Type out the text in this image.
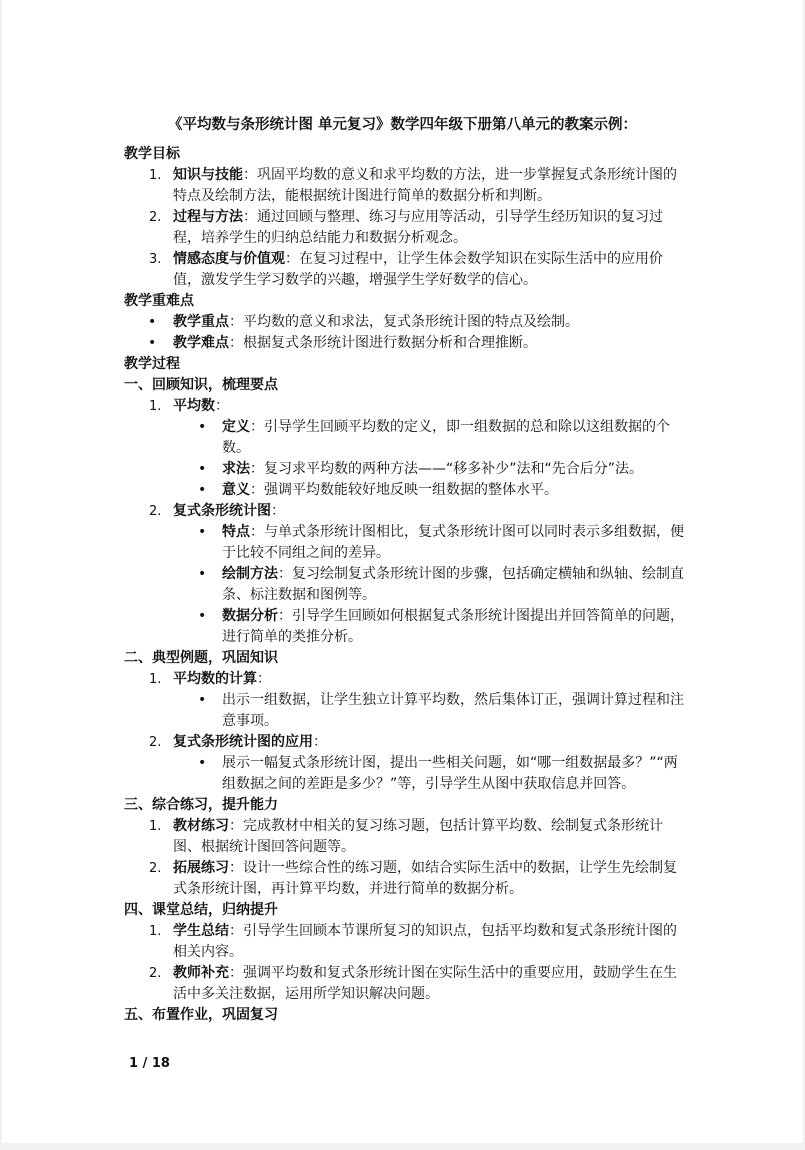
《平均数与条形统计图 单元复习》数学四年级下册第八单元的教案示例：
教学目标
1. 知识与技能：巩固平均数的意义和求平均数的方法，进一步掌握复式条形统计图的特点及绘制方法，能根据统计图进行简单的数据分析和判断。
2. 过程与方法：通过回顾与整理、练习与应用等活动，引导学生经历知识的复习过程，培养学生的归纳总结能力和数据分析观念。
3. 情感态度与价值观：在复习过程中，让学生体会数学知识在实际生活中的应用价值，激发学生学习数学的兴趣，增强学生学好数学的信心。
教学重难点
• 教学重点：平均数的意义和求法，复式条形统计图的特点及绘制。
• 教学难点：根据复式条形统计图进行数据分析和合理推断。
教学过程
一、回顾知识，梳理要点
1. 平均数：
• 定义：引导学生回顾平均数的定义，即一组数据的总和除以这组数据的个数。
• 求法：复习求平均数的两种方法——“移多补少”法和“先合后分”法。
• 意义：强调平均数能较好地反映一组数据的整体水平。
2. 复式条形统计图：
• 特点：与单式条形统计图相比，复式条形统计图可以同时表示多组数据，便于比较不同组之间的差异。
• 绘制方法：复习绘制复式条形统计图的步骤，包括确定横轴和纵轴、绘制直条、标注数据和图例等。
• 数据分析：引导学生回顾如何根据复式条形统计图提出并回答简单的问题，进行简单的类推分析。
二、典型例题，巩固知识
1. 平均数的计算：
• 出示一组数据，让学生独立计算平均数，然后集体订正，强调计算过程和注意事项。
2. 复式条形统计图的应用：
• 展示一幅复式条形统计图，提出一些相关问题，如“哪一组数据最多？”“两组数据之间的差距是多少？”等，引导学生从图中获取信息并回答。
三、综合练习，提升能力
1. 教材练习：完成教材中相关的复习练习题，包括计算平均数、绘制复式条形统计图、根据统计图回答问题等。
2. 拓展练习：设计一些综合性的练习题，如结合实际生活中的数据，让学生先绘制复式条形统计图，再计算平均数，并进行简单的数据分析。
四、课堂总结，归纳提升
1. 学生总结：引导学生回顾本节课所复习的知识点，包括平均数和复式条形统计图的相关内容。
2. 教师补充：强调平均数和复式条形统计图在实际生活中的重要应用，鼓励学生在生活中多关注数据，运用所学知识解决问题。
五、布置作业，巩固复习
1 / 18
